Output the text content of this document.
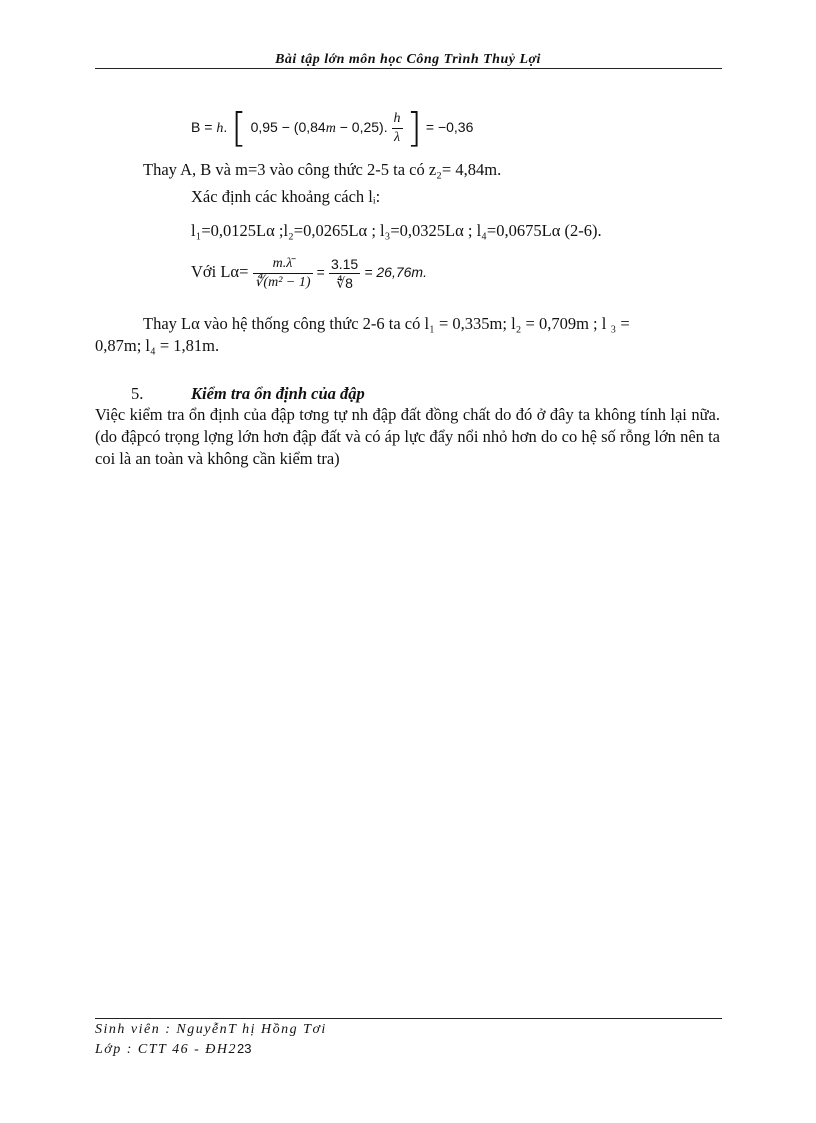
Bài tập lớn môn học Công Trình Thuỷ Lợi
B = h. [ 0,95 − (0,84m − 0,25). $\frac{h}{\lambda}$ ] = −0,36
Thay A, B và m=3 vào công thức 2-5 ta có z₂= 4,84m.
Xác định các khoảng cách lᵢ:
l₁=0,0125Lα ;l₂=0,0265Lα ; l₃=0,0325Lα ; l₄=0,0675Lα (2-6).
Với $L\alpha= \frac{m.\lambdā}{\text{∜(m² − 1)}} = \frac{3.15}{∜8} = 26,76m$.
Thay Lα vào hệ thống công thức 2-6 ta có l₁ = 0,335m; l₂ = 0,709m ; l ₃ =
0,87m; l₄ = 1,81m.
5.	Kiểm tra ổn định của đập
Việc kiểm tra ổn định của đập tơng tự nh đập đất đồng chất do đó ở đây ta không tính lại nữa.(do đậpcó trọng lợng lớn hơn đập đất và có áp lực đẩy nổi nhỏ hơn do co hệ số rỗng lớn nên ta coi là an toàn và không cần kiểm tra)
Sinh viên : NguyễnT hị Hồng Tơi
Lớp : CTT 46 - ĐH223
